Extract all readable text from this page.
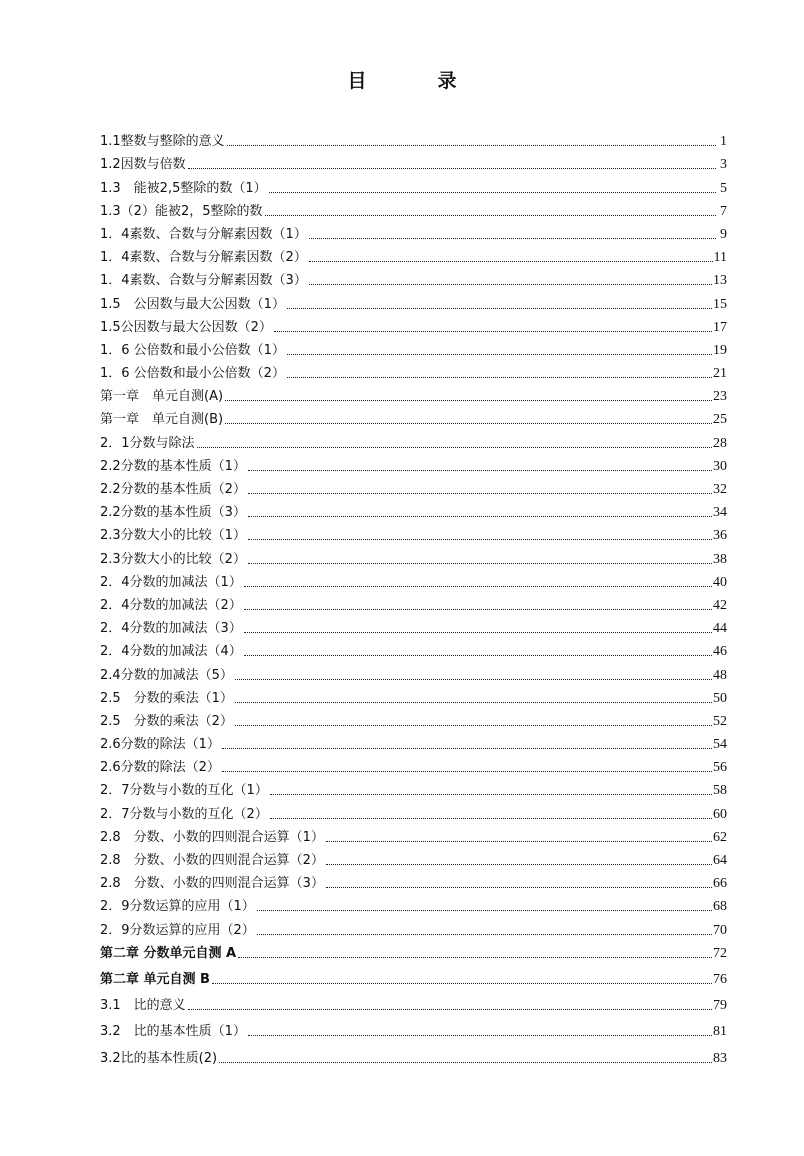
目　录
1.1整数与整除的意义	1
1.2因数与倍数	3
1.3　能被2,5整除的数（1）	5
1.3（2）能被2，5整除的数	7
1．4素数、合数与分解素因数（1）	9
1．4素数、合数与分解素因数（2）	11
1．4素数、合数与分解素因数（3）	13
1.5　公因数与最大公因数（1）	15
1.5公因数与最大公因数（2）	17
1．6 公倍数和最小公倍数（1）	19
1．6 公倍数和最小公倍数（2）	21
第一章　单元自测(A)	23
第一章　单元自测(B)	25
2．1分数与除法	28
2.2分数的基本性质（1）	30
2.2分数的基本性质（2）	32
2.2分数的基本性质（3）	34
2.3分数大小的比较（1）	36
2.3分数大小的比较（2）	38
2．4分数的加减法（1）	40
2．4分数的加减法（2）	42
2．4分数的加减法（3）	44
2．4分数的加减法（4）	46
2.4分数的加减法（5）	48
2.5　分数的乘法（1）	50
2.5　分数的乘法（2）	52
2.6分数的除法（1）	54
2.6分数的除法（2）	56
2．7分数与小数的互化（1）	58
2．7分数与小数的互化（2）	60
2.8　分数、小数的四则混合运算（1）	62
2.8　分数、小数的四则混合运算（2）	64
2.8　分数、小数的四则混合运算（3）	66
2．9分数运算的应用（1）	68
2．9分数运算的应用（2）	70
第二章 分数单元自测 A	72
第二章 单元自测 B	76
3.1　比的意义	79
3.2　比的基本性质（1）	81
3.2比的基本性质(2)	83
